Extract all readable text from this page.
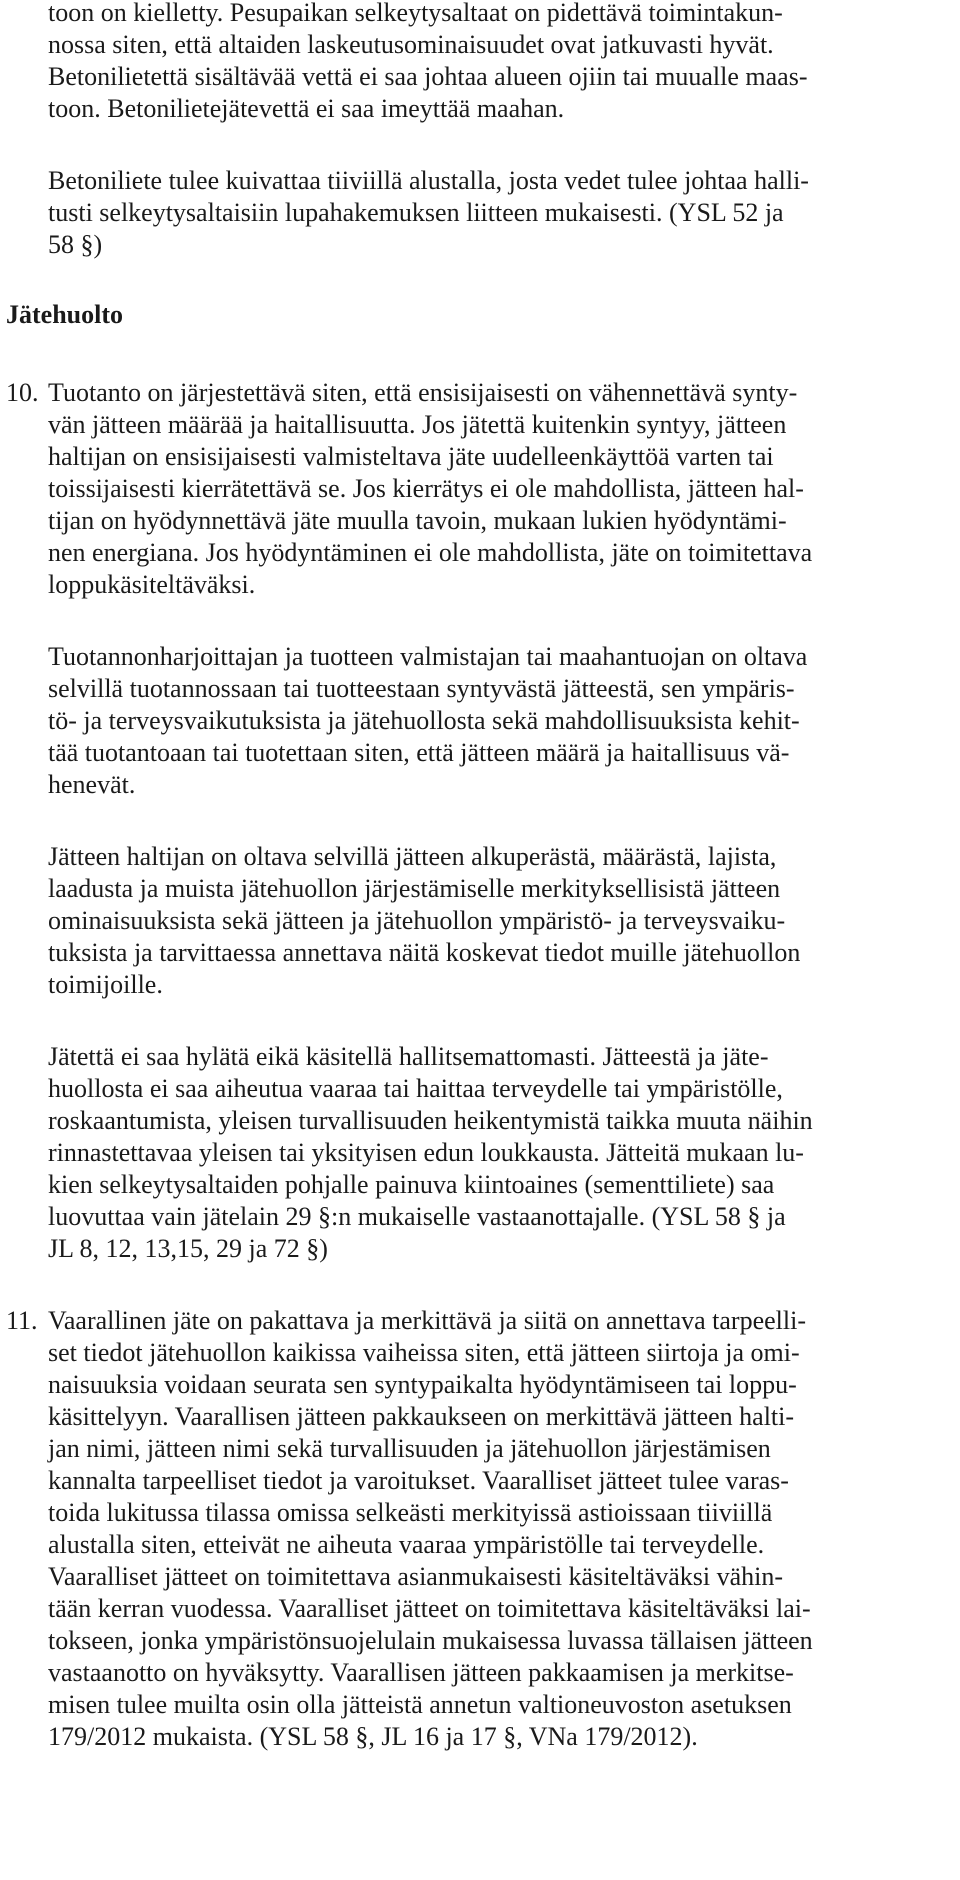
toon on kielletty. Pesupaikan selkeytysaltaat on pidettävä toimintakun-
nossa siten, että altaiden laskeutusominaisuudet ovat jatkuvasti hyvät.
Betonilietettä sisältävää vettä ei saa johtaa alueen ojiin tai muualle maas-
toon. Betonilietejätevettä ei saa imeyttää maahan.
Betoniliete tulee kuivattaa tiiviillä alustalla, josta vedet tulee johtaa halli-
tusti selkeytysaltaisiin lupahakemuksen liitteen mukaisesti. (YSL 52 ja
58 §)
Jätehuolto
10. Tuotanto on järjestettävä siten, että ensisijaisesti on vähennettävä synty-
vän jätteen määrää ja haitallisuutta. Jos jätettä kuitenkin syntyy, jätteen
haltijan on ensisijaisesti valmisteltava jäte uudelleenkäyttöä varten tai
toissijaisesti kierrätettävä se. Jos kierrätys ei ole mahdollista, jätteen hal-
tijan on hyödynnettävä jäte muulla tavoin, mukaan lukien hyödyntämi-
nen energiana. Jos hyödyntäminen ei ole mahdollista, jäte on toimitettava
loppukäsiteltäväksi.
Tuotannonharjoittajan ja tuotteen valmistajan tai maahantuojan on oltava
selvillä tuotannossaan tai tuotteestaan syntyvästä jätteestä, sen ympäris-
tö- ja terveysvaikutuksista ja jätehuollosta sekä mahdollisuuksista kehit-
tää tuotantoaan tai tuotettaan siten, että jätteen määrä ja haitallisuus vä-
henevät.
Jätteen haltijan on oltava selvillä jätteen alkuperästä, määrästä, lajista,
laadusta ja muista jätehuollon järjestämiselle merkityksellisistä jätteen
ominaisuuksista sekä jätteen ja jätehuollon ympäristö- ja terveysvaiku-
tuksista ja tarvittaessa annettava näitä koskevat tiedot muille jätehuollon
toimijoille.
Jätettä ei saa hylätä eikä käsitellä hallitsemattomasti. Jätteestä ja jäte-
huollosta ei saa aiheutua vaaraa tai haittaa terveydelle tai ympäristölle,
roskaantumista, yleisen turvallisuuden heikentymistä taikka muuta näihin
rinnastettavaa yleisen tai yksityisen edun loukkausta. Jätteitä mukaan lu-
kien selkeytysaltaiden pohjalle painuva kiintoaines (sementtiliete) saa
luovuttaa vain jätelain 29 §:n mukaiselle vastaanottajalle. (YSL 58 § ja
JL 8, 12, 13,15, 29 ja 72 §)
11. Vaarallinen jäte on pakattava ja merkittävä ja siitä on annettava tarpeelli-
set tiedot jätehuollon kaikissa vaiheissa siten, että jätteen siirtoja ja omi-
naisuuksia voidaan seurata sen syntypaikalta hyödyntämiseen tai loppu-
käsittelyyn. Vaarallisen jätteen pakkaukseen on merkittävä jätteen halti-
jan nimi, jätteen nimi sekä turvallisuuden ja jätehuollon järjestämisen
kannalta tarpeelliset tiedot ja varoitukset. Vaaralliset jätteet tulee varas-
toida lukitussa tilassa omissa selkeästi merkityissä astioissaan tiiviillä
alustalla siten, etteivät ne aiheuta vaaraa ympäristölle tai terveydelle.
Vaaralliset jätteet on toimitettava asianmukaisesti käsiteltäväksi vähin-
tään kerran vuodessa. Vaaralliset jätteet on toimitettava käsiteltäväksi lai-
tokseen, jonka ympäristönsuojelulain mukaisessa luvassa tällaisen jätteen
vastaanotto on hyväksytty. Vaarallisen jätteen pakkaamisen ja merkitse-
misen tulee muilta osin olla jätteistä annetun valtioneuvoston asetuksen
179/2012 mukaista. (YSL 58 §, JL 16 ja 17 §, VNa 179/2012).
